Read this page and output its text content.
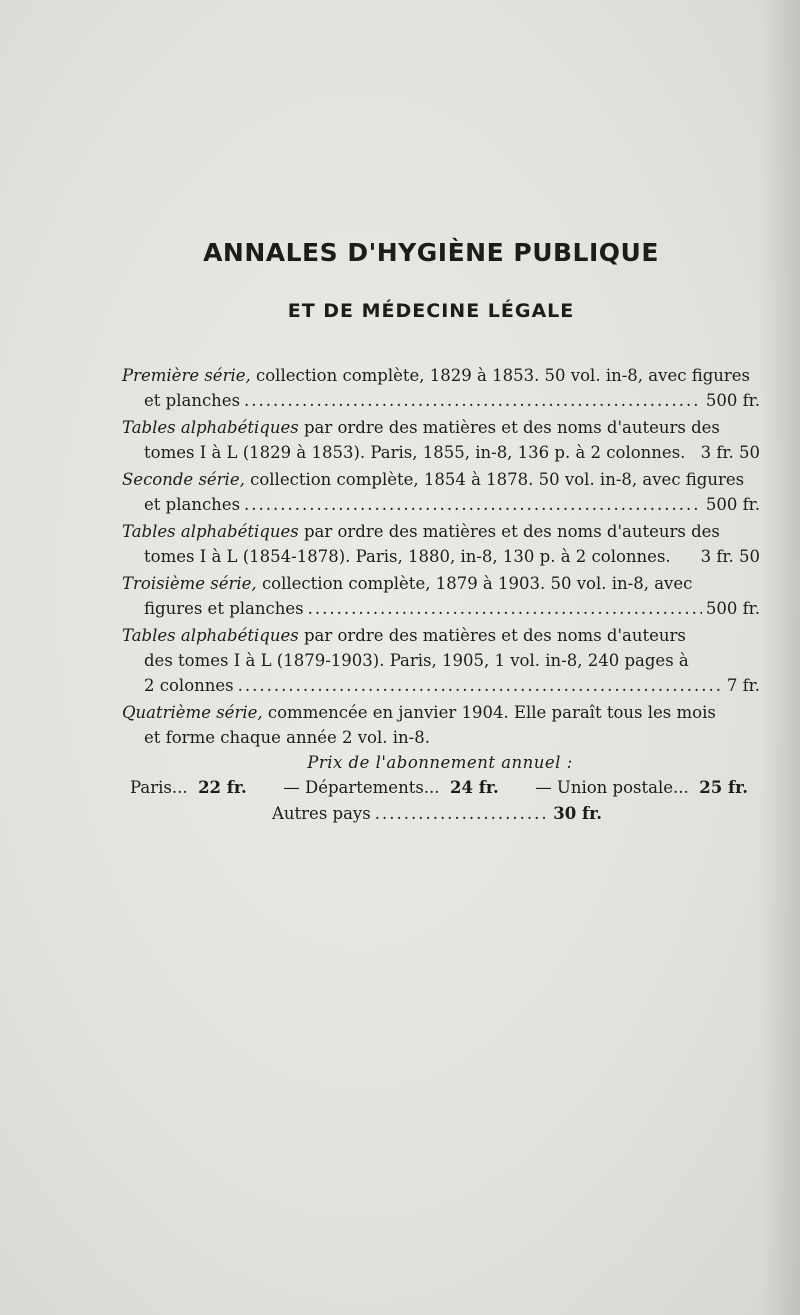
ANNALES D'HYGIÈNE PUBLIQUE
ET DE MÉDECINE LÉGALE
Première série, collection complète, 1829 à 1853. 50 vol. in-8, avec figures
et planches .....	500 fr.
Tables alphabétiques par ordre des matières et des noms d'auteurs des
tomes I à L (1829 à 1853). Paris, 1855, in-8, 136 p. à 2 colonnes. 3 fr. 50
Seconde série, collection complète, 1854 à 1878. 50 vol. in-8, avec figures
et planches .....	500 fr.
Tables alphabétiques par ordre des matières et des noms d'auteurs des
tomes I à L (1854-1878). Paris, 1880, in-8, 130 p. à 2 colonnes. 3 fr. 50
Troisième série, collection complète, 1879 à 1903. 50 vol. in-8, avec
figures et planches .....	500 fr.
Tables alphabétiques par ordre des matières et des noms d'auteurs
des tomes I à L (1879-1903). Paris, 1905, 1 vol. in-8, 240 pages à
2 colonnes .....	7 fr.
Quatrième série, commencée en janvier 1904. Elle paraît tous les mois
et forme chaque année 2 vol. in-8.
Prix de l'abonnement annuel :
Paris... 22 fr. — Départements... 24 fr. — Union postale... 25 fr.
Autres pays .....	30 fr.
